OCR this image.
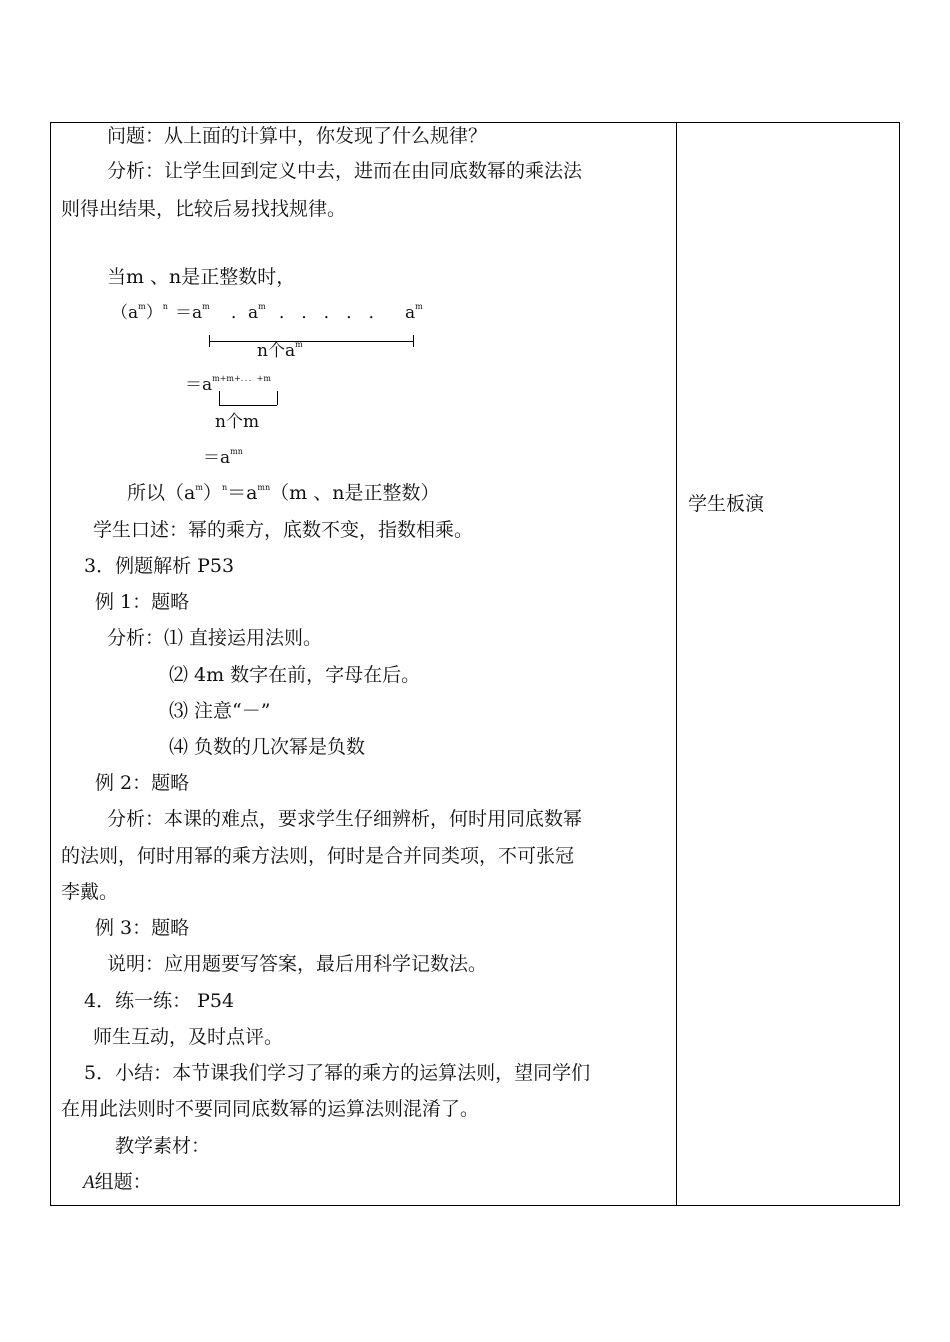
问题：从上面的计算中，你发现了什么规律？
分析：让学生回到定义中去，进而在由同底数幂的乘法法
则得出结果，比较后易找找规律。
当m 、n是正整数时，
$(a^m)^n =a^m$ ．$a^m$ ． ． ． ． ． $a^m$
n个$a^m$
$=a^{m+m+...+m}$
n个m
$=a^{mn}$
所以$(a^m)^n=a^{mn}(m$ 、n是正整数）
学生口述：幂的乘方，底数不变，指数相乘。
3．例题解析 P53
例 1：题略
分析：⑴ 直接运用法则。
⑵ 4m 数字在前，字母在后。
⑶ 注意“－”
⑷ 负数的几次幂是负数
例 2：题略
分析：本课的难点，要求学生仔细辨析，何时用同底数幂
的法则，何时用幂的乘方法则，何时是合并同类项，不可张冠
李戴。
例 3：题略
说明：应用题要写答案，最后用科学记数法。
4．练一练： P54
师生互动，及时点评。
5．小结：本节课我们学习了幂的乘方的运算法则，望同学们
在用此法则时不要同同底数幂的运算法则混淆了。
教学素材：
A组题：
学生板演
